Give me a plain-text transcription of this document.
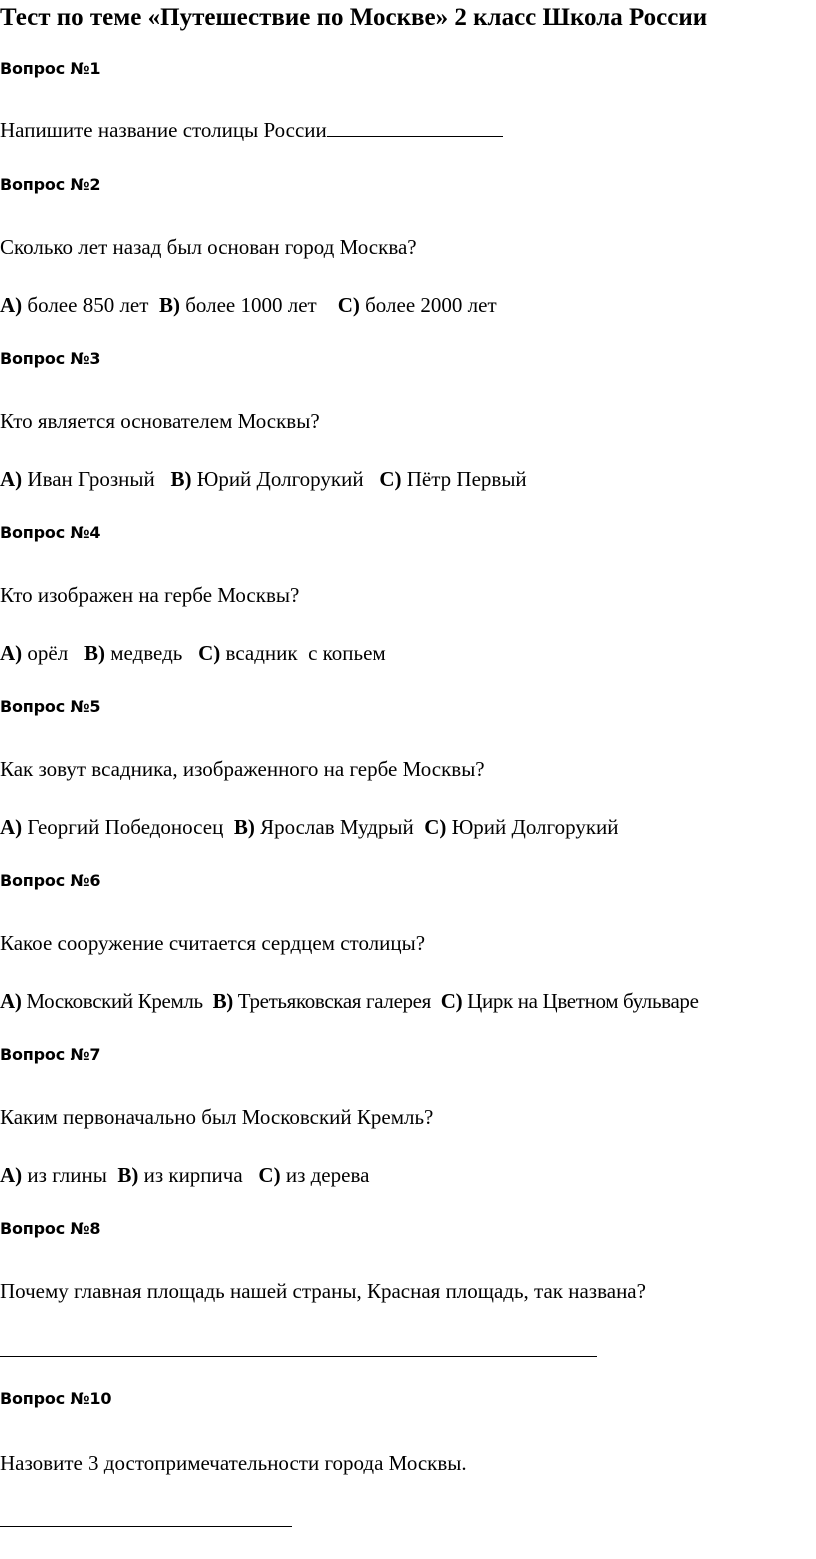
Тест по теме «Путешествие по Москве» 2 класс Школа России
Вопрос №1
Напишите название столицы России
Вопрос №2
Сколько лет назад был основан город Москва?
А) более 850 лет  В) более 1000 лет    С) более 2000 лет
Вопрос №3
Кто является основателем Москвы?
А) Иван Грозный   В) Юрий Долгорукий   С) Пётр Первый
Вопрос №4
Кто изображен на гербе Москвы?
А) орёл   В) медведь   С) всадник  с копьем
Вопрос №5
Как зовут всадника, изображенного на гербе Москвы?
А) Георгий Победоносец  В) Ярослав Мудрый  С) Юрий Долгорукий
Вопрос №6
Какое сооружение считается сердцем столицы?
А) Московский Кремль  В) Третьяковская галерея  С) Цирк на Цветном бульваре
Вопрос №7
Каким первоначально был Московский Кремль?
А) из глины  В) из кирпича   С) из дерева
Вопрос №8
Почему главная площадь нашей страны, Красная площадь, так названа?
Вопрос №10
Назовите 3 достопримечательности города Москвы.
